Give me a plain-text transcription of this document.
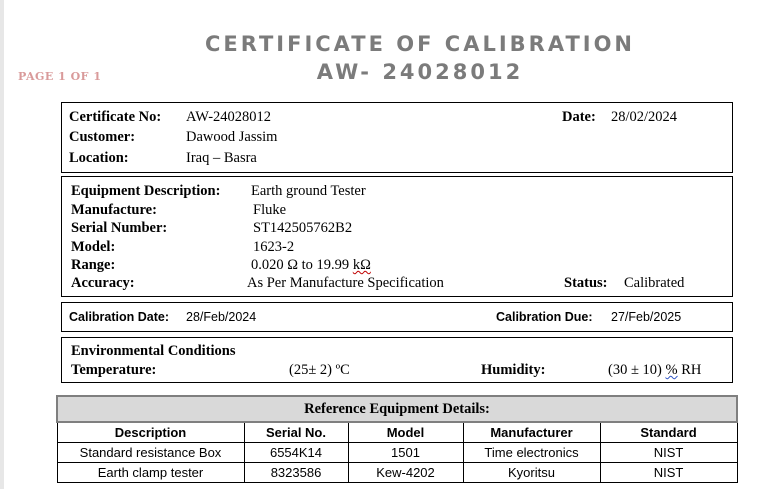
CERTIFICATE OF CALIBRATION
AW- 24028012
PAGE 1 OF 1
Certificate No: AW-24028012	Date: 28/02/2024
Customer:	Dawood Jassim
Location:	Iraq – Basra
Equipment Description: Earth ground Tester
Manufacture:	Fluke
Serial Number:	ST142505762B2
Model:	1623-2
Range:	0.020 Ω to 19.99 kΩ
Accuracy:	As Per Manufacture Specification	Status: Calibrated
Calibration Date: 28/Feb/2024	Calibration Due: 27/Feb/2025
Environmental Conditions
Temperature:	(25± 2) ºC	Humidity:	(30 ± 10) % RH
Reference Equipment Details:				
Description	Serial No.	Model	Manufacturer	Standard
Standard resistance Box	6554K14	1501	Time electronics	NIST
Earth clamp tester	8323586	Kew-4202	Kyoritsu	NIST
